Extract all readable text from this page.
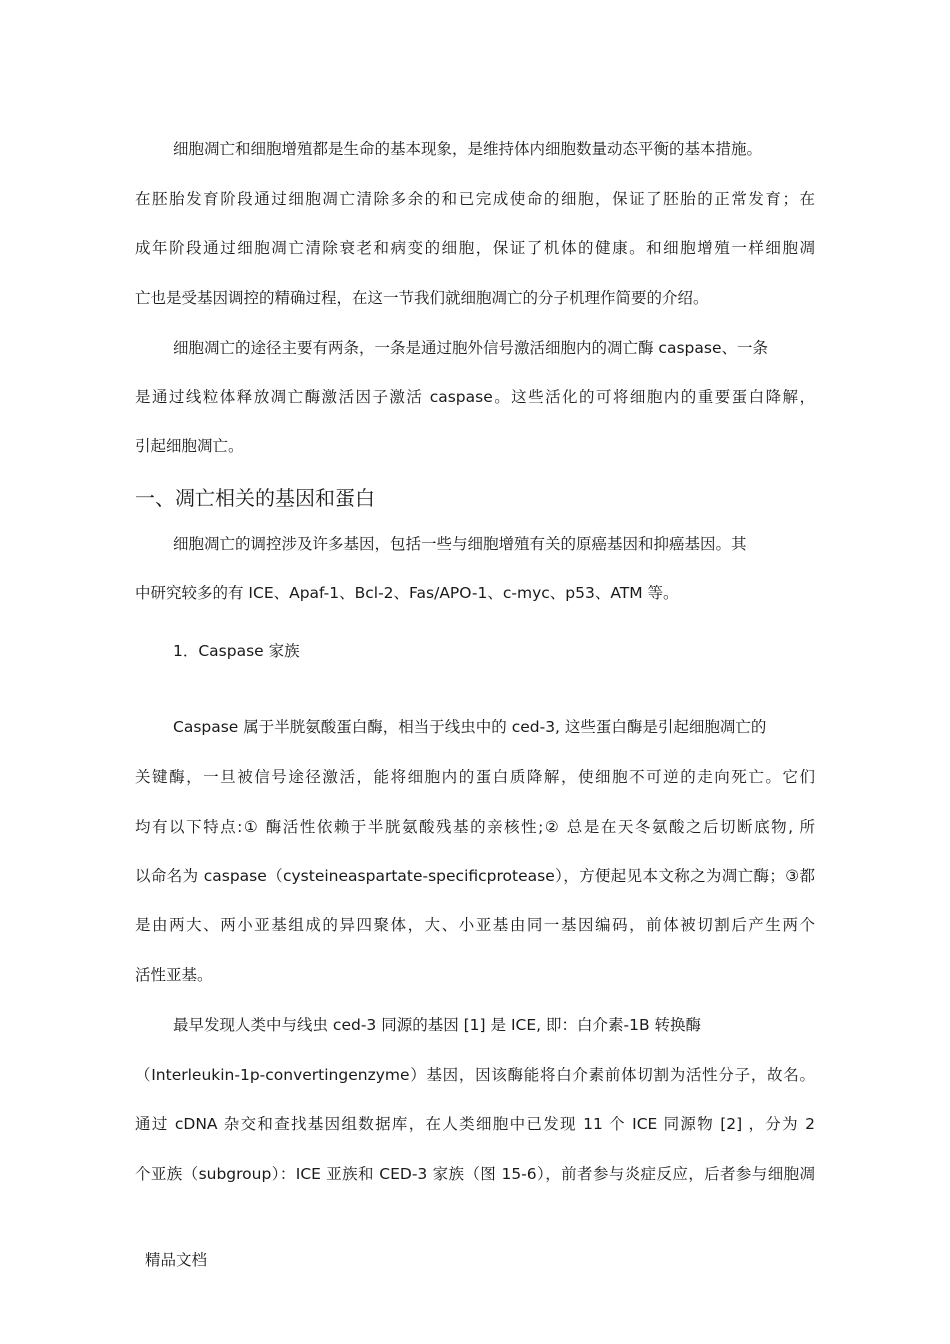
细胞凋亡和细胞增殖都是生命的基本现象，是维持体内细胞数量动态平衡的基本措施。
在胚胎发育阶段通过细胞凋亡清除多余的和已完成使命的细胞，保证了胚胎的正常发育；在
成年阶段通过细胞凋亡清除衰老和病变的细胞，保证了机体的健康。和细胞增殖一样细胞凋
亡也是受基因调控的精确过程，在这一节我们就细胞凋亡的分子机理作简要的介绍。
细胞凋亡的途径主要有两条，一条是通过胞外信号激活细胞内的凋亡酶 caspase、一条
是通过线粒体释放凋亡酶激活因子激活 caspase。这些活化的可将细胞内的重要蛋白降解，
引起细胞凋亡。
一、凋亡相关的基因和蛋白
细胞凋亡的调控涉及许多基因，包括一些与细胞增殖有关的原癌基因和抑癌基因。其
中研究较多的有 ICE、Apaf-1、Bcl-2、Fas/APO-1、c-myc、p53、ATM 等。
1．Caspase 家族
Caspase 属于半胱氨酸蛋白酶，相当于线虫中的 ced-3, 这些蛋白酶是引起细胞凋亡的
关键酶，一旦被信号途径激活，能将细胞内的蛋白质降解，使细胞不可逆的走向死亡。它们
均有以下特点:① 酶活性依赖于半胱氨酸残基的亲核性;② 总是在天冬氨酸之后切断底物, 所
以命名为 caspase（cysteineaspartate-specificprotease），方便起见本文称之为凋亡酶；③都
是由两大、两小亚基组成的异四聚体，大、小亚基由同一基因编码，前体被切割后产生两个
活性亚基。
最早发现人类中与线虫 ced-3 同源的基因 [1] 是 ICE, 即：白介素-1B 转换酶
（Interleukin-1p-convertingenzyme）基因，因该酶能将白介素前体切割为活性分子，故名。
通过 cDNA 杂交和查找基因组数据库，在人类细胞中已发现 11 个 ICE 同源物 [2] ，分为 2
个亚族（subgroup）：ICE 亚族和 CED-3 家族（图 15-6），前者参与炎症反应，后者参与细胞凋
精品文档
